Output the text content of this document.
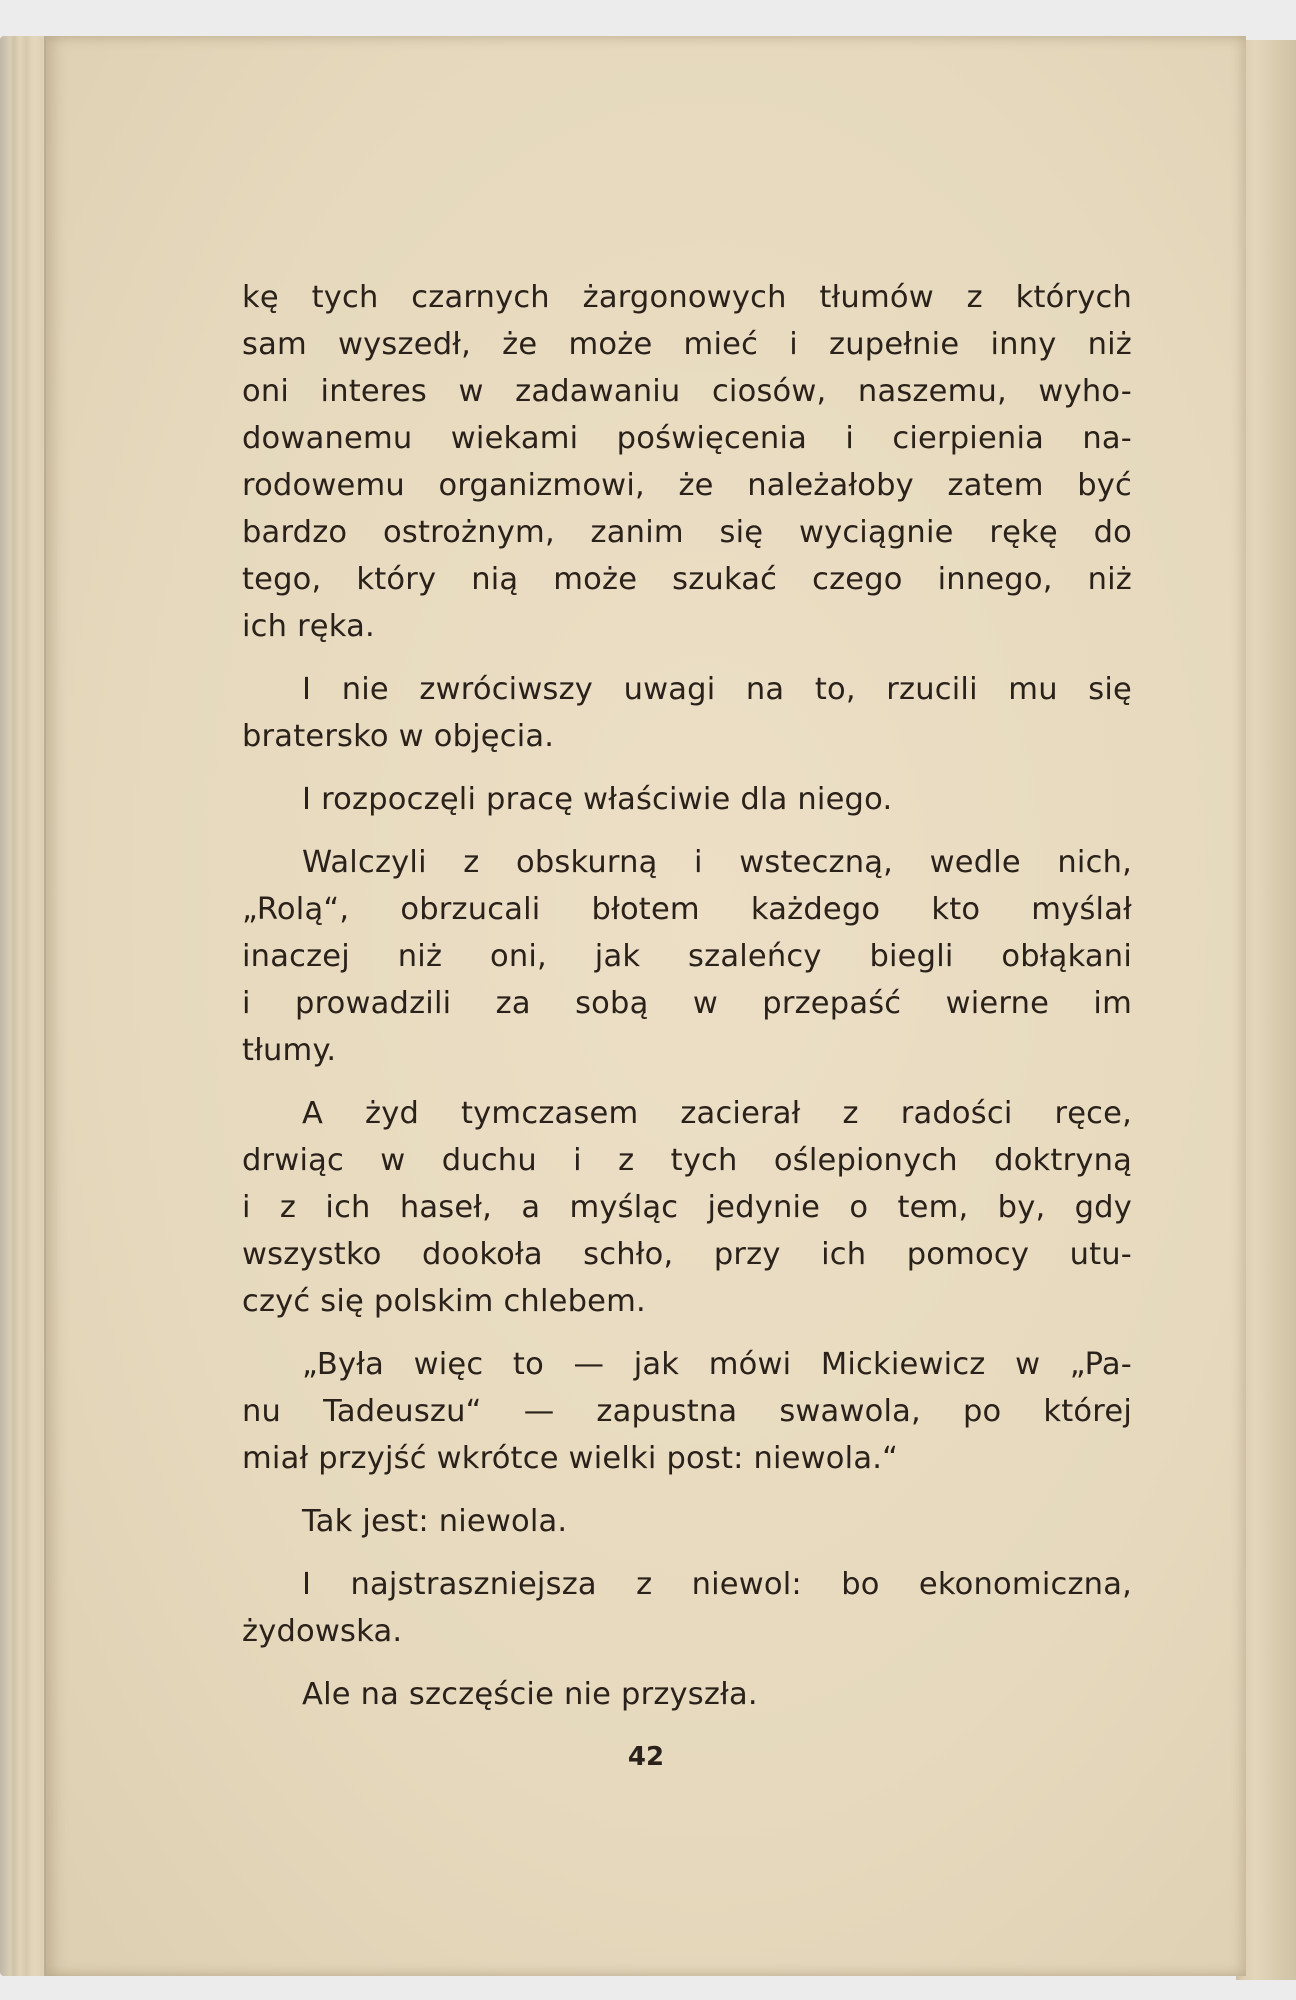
kę tych czarnych żargonowych tłumów z których
sam wyszedł, że może mieć i zupełnie inny niż
oni interes w zadawaniu ciosów, naszemu, wyho-
dowanemu wiekami poświęcenia i cierpienia na-
rodowemu organizmowi, że należałoby zatem być
bardzo ostrożnym, zanim się wyciągnie rękę do
tego, który nią może szukać czego innego, niż
ich ręka.
I nie zwróciwszy uwagi na to, rzucili mu się
bratersko w objęcia.
I rozpoczęli pracę właściwie dla niego.
Walczyli z obskurną i wsteczną, wedle nich,
„Rolą“, obrzucali błotem każdego kto myślał
inaczej niż oni, jak szaleńcy biegli obłąkani
i prowadzili za sobą w przepaść wierne im
tłumy.
A żyd tymczasem zacierał z radości ręce,
drwiąc w duchu i z tych oślepionych doktryną
i z ich haseł, a myśląc jedynie o tem, by, gdy
wszystko dookoła schło, przy ich pomocy utu-
czyć się polskim chlebem.
„Była więc to — jak mówi Mickiewicz w „Pa-
nu Tadeuszu“ — zapustna swawola, po której
miał przyjść wkrótce wielki post: niewola.“
Tak jest: niewola.
I najstraszniejsza z niewol: bo ekonomiczna,
żydowska.
Ale na szczęście nie przyszła.
42
